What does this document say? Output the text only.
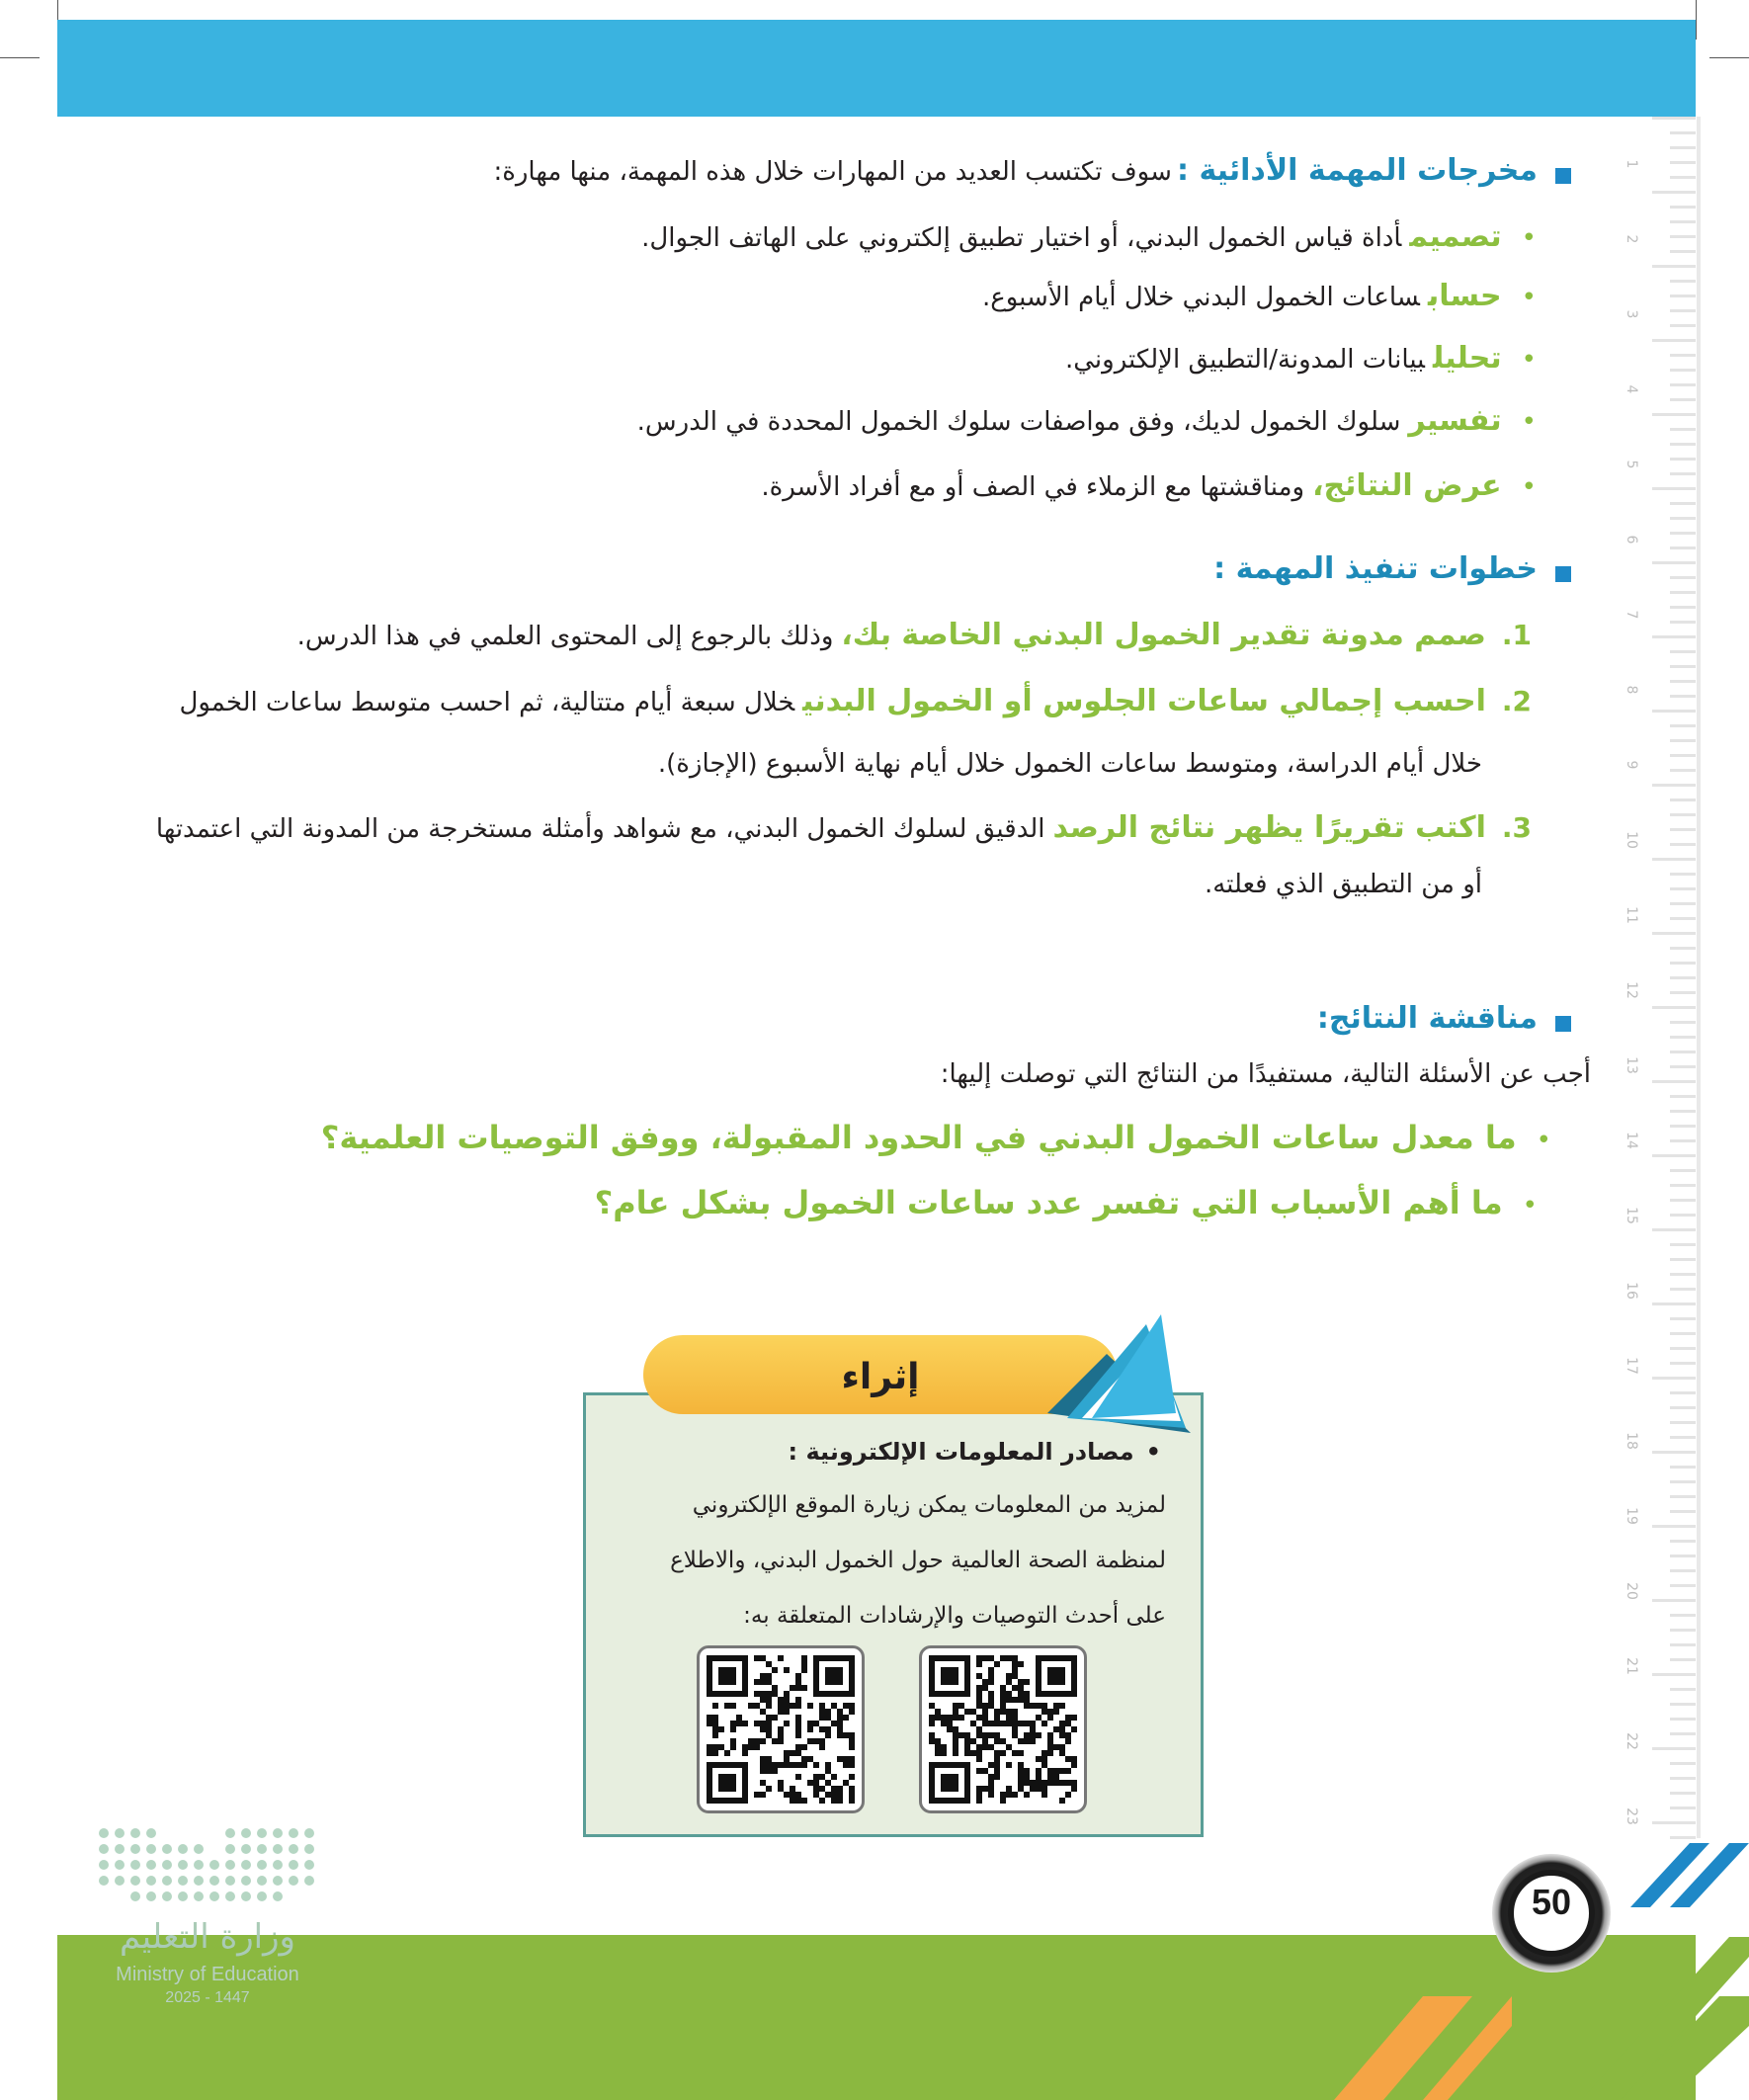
1
2
3
4
5
6
7
8
9
10
11
12
13
14
15
16
17
18
19
20
21
22
23
مخرجات المهمة الأدائية : سوف تكتسب العديد من المهارات خلال هذه المهمة، منها مهارة:
•تصميمأداة قياس الخمول البدني، أو اختيار تطبيق إلكتروني على الهاتف الجوال.
•حسابساعات الخمول البدني خلال أيام الأسبوع.
•تحليلبيانات المدونة/التطبيق الإلكتروني.
•تفسيرسلوك الخمول لديك، وفق مواصفات سلوك الخمول المحددة في الدرس.
•عرض النتائج،ومناقشتها مع الزملاء في الصف أو مع أفراد الأسرة.
خطوات تنفيذ المهمة :
1.صمم مدونة تقدير الخمول البدني الخاصة بك،وذلك بالرجوع إلى المحتوى العلمي في هذا الدرس.
2.احسب إجمالي ساعات الجلوس أو الخمول البدنيخلال سبعة أيام متتالية، ثم احسب متوسط ساعات الخمول
خلال أيام الدراسة، ومتوسط ساعات الخمول خلال أيام نهاية الأسبوع (الإجازة).
3.اكتب تقريرًا يظهر نتائج الرصدالدقيق لسلوك الخمول البدني، مع شواهد وأمثلة مستخرجة من المدونة التي اعتمدتها
أو من التطبيق الذي فعلته.
مناقشة النتائج:
أجب عن الأسئلة التالية، مستفيدًا من النتائج التي توصلت إليها:
•ما معدل ساعات الخمول البدني في الحدود المقبولة، ووفق التوصيات العلمية؟
•ما أهم الأسباب التي تفسر عدد ساعات الخمول بشكل عام؟
إثراء
•مصادر المعلومات الإلكترونية :
لمزيد من المعلومات يمكن زيارة الموقع الإلكتروني
لمنظمة الصحة العالمية حول الخمول البدني، والاطلاع
على أحدث التوصيات والإرشادات المتعلقة به:
50
وزارة التعليم
Ministry of Education
2025 - 1447
